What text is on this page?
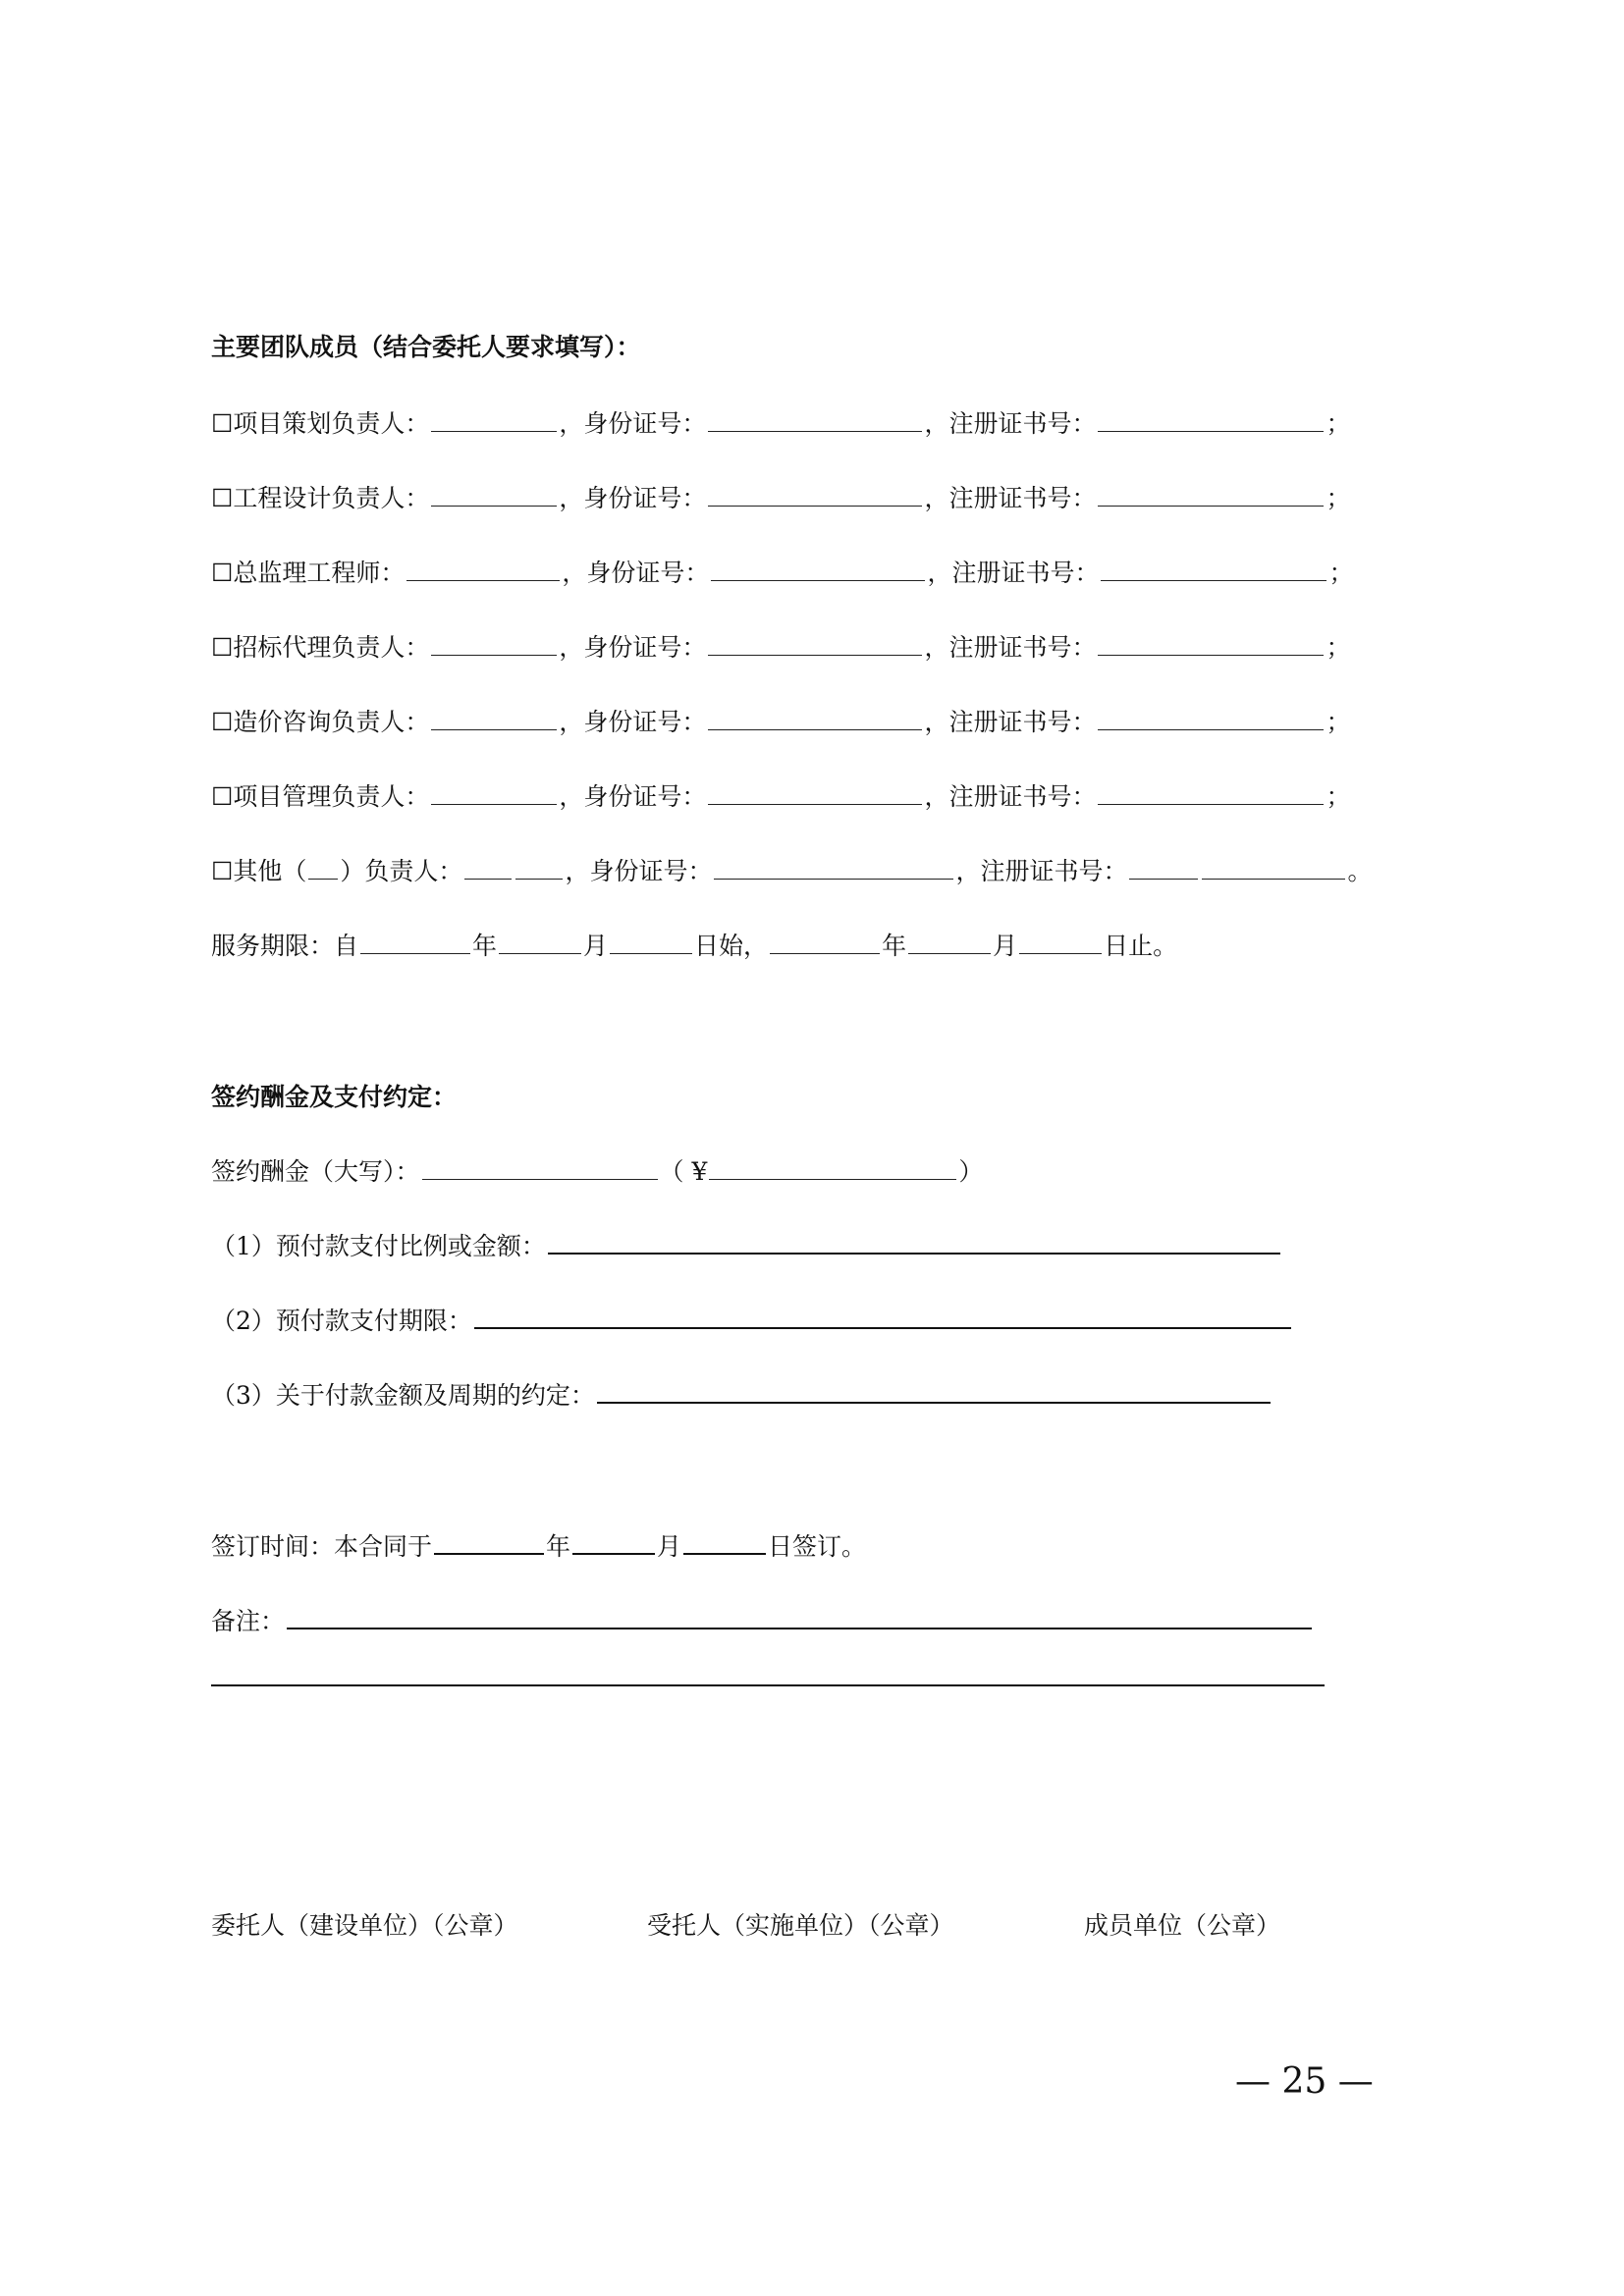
主要团队成员（结合委托人要求填写）：
☐项目策划负责人：	，身份证号：	，注册证书号：	；
☐工程设计负责人：	，身份证号：	，注册证书号：	；
☐总监理工程师：	，身份证号：	，注册证书号：	；
☐招标代理负责人：	，身份证号：	，注册证书号：	；
☐造价咨询负责人：	，身份证号：	，注册证书号：	；
☐项目管理负责人：	，身份证号：	，注册证书号：	；
☐其他（ ）负责人：	，身份证号：	，注册证书号：	。
服务期限：自	年	月	日始，	年	月	日止。
签约酬金及支付约定：
签约酬金（大写）：	（ ¥	）
（1）预付款支付比例或金额：
（2）预付款支付期限：
（3）关于付款金额及周期的约定：
签订时间：本合同于	年	月	日签订。
备注：
委托人（建设单位）（公章）	受托人（实施单位）（公章）	成员单位（公章）
— 25 —
